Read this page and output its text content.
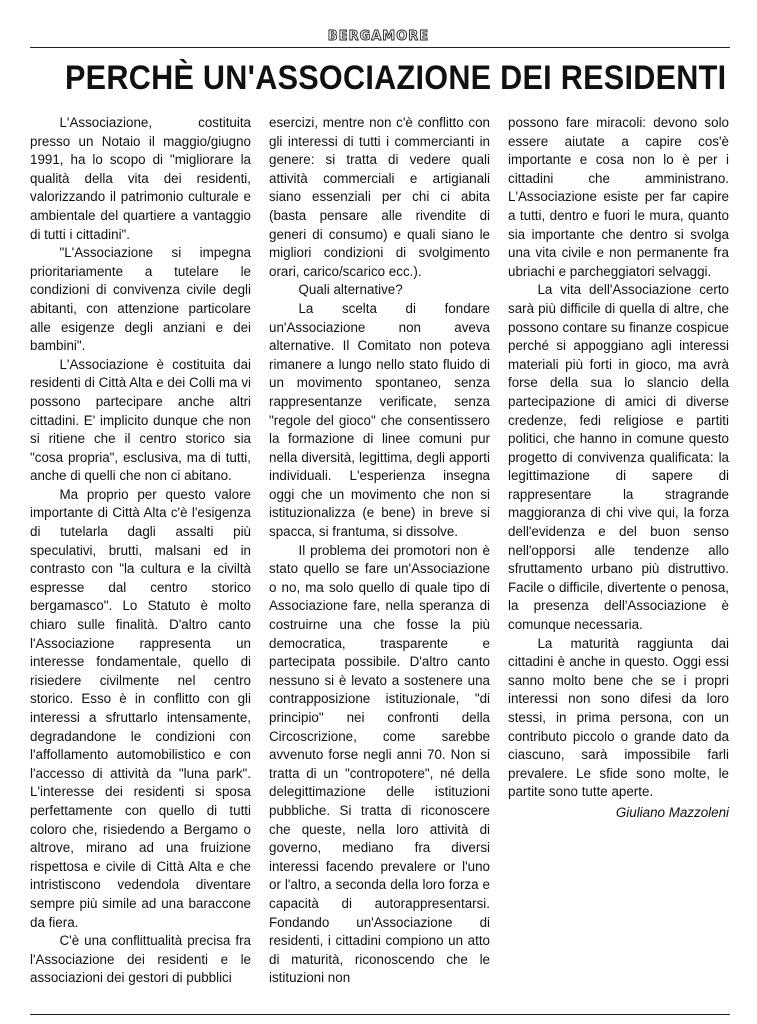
BERGAMORE
PERCHÈ UN'ASSOCIAZIONE DEI RESIDENTI

L'Associazione, costituita presso un Notaio il maggio/giugno 1991, ha lo scopo di "migliorare la qualità della vita dei residenti, valorizzando il patrimonio culturale e ambientale del quartiere a vantaggio di tutti i cittadini".

"L'Associazione si impegna prioritariamente a tutelare le condizioni di convivenza civile degli abitanti, con attenzione particolare alle esigenze degli anziani e dei bambini".

L'Associazione è costituita dai residenti di Città Alta e dei Colli ma vi possono partecipare anche altri cittadini. E' implicito dunque che non si ritiene che il centro storico sia "cosa propria", esclusiva, ma di tutti, anche di quelli che non ci abitano.

Ma proprio per questo valore importante di Città Alta c'è l'esigenza di tutelarla dagli assalti più speculativi, brutti, malsani ed in contrasto con "la cultura e la civiltà espresse dal centro storico bergamasco". Lo Statuto è molto chiaro sulle finalità. D'altro canto l'Associazione rappresenta un interesse fondamentale, quello di risiedere civilmente nel centro storico. Esso è in conflitto con gli interessi a sfruttarlo intensamente, degradandone le condizioni con l'affollamento automobilistico e con l'accesso di attività da "luna park". L'interesse dei residenti si sposa perfettamente con quello di tutti coloro che, risiedendo a Bergamo o altrove, mirano ad una fruizione rispettosa e civile di Città Alta e che intristiscono vedendola diventare sempre più simile ad una baraccone da fiera.

C'è una conflittualità precisa fra l'Associazione dei residenti e le associazioni dei gestori di pubblici

esercizi, mentre non c'è conflitto con gli interessi di tutti i commercianti in genere: si tratta di vedere quali attività commerciali e artigianali siano essenziali per chi ci abita (basta pensare alle rivendite di generi di consumo) e quali siano le migliori condizioni di svolgimento orari, carico/scarico ecc.).

Quali alternative?

La scelta di fondare un'Associazione non aveva alternative. Il Comitato non poteva rimanere a lungo nello stato fluido di un movimento spontaneo, senza rappresentanze verificate, senza "regole del gioco" che consentissero la formazione di linee comuni pur nella diversità, legittima, degli apporti individuali. L'esperienza insegna oggi che un movimento che non si istituzionalizza (e bene) in breve si spacca, si frantuma, si dissolve.

Il problema dei promotori non è stato quello se fare un'Associazione o no, ma solo quello di quale tipo di Associazione fare, nella speranza di costruirne una che fosse la più democratica, trasparente e partecipata possibile. D'altro canto nessuno si è levato a sostenere una contrapposizione istituzionale, "di principio" nei confronti della Circoscrizione, come sarebbe avvenuto forse negli anni 70. Non si tratta di un "contropotere", né della delegittimazione delle istituzioni pubbliche. Si tratta di riconoscere che queste, nella loro attività di governo, mediano fra diversi interessi facendo prevalere or l'uno or l'altro, a seconda della loro forza e capacità di autorappresentarsi. Fondando un'Associazione di residenti, i cittadini compiono un atto di maturità, riconoscendo che le istituzioni non

possono fare miracoli: devono solo essere aiutate a capire cos'è importante e cosa non lo è per i cittadini che amministrano. L'Associazione esiste per far capire a tutti, dentro e fuori le mura, quanto sia importante che dentro si svolga una vita civile e non permanente fra ubriachi e parcheggiatori selvaggi.

La vita dell'Associazione certo sarà più difficile di quella di altre, che possono contare su finanze cospicue perché si appoggiano agli interessi materiali più forti in gioco, ma avrà forse della sua lo slancio della partecipazione di amici di diverse credenze, fedi religiose e partiti politici, che hanno in comune questo progetto di convivenza qualificata: la legittimazione di sapere di rappresentare la stragrande maggioranza di chi vive qui, la forza dell'evidenza e del buon senso nell'opporsi alle tendenze allo sfruttamento urbano più distruttivo. Facile o difficile, divertente o penosa, la presenza dell'Associazione è comunque necessaria.

La maturità raggiunta dai cittadini è anche in questo. Oggi essi sanno molto bene che se i propri interessi non sono difesi da loro stessi, in prima persona, con un contributo piccolo o grande dato da ciascuno, sarà impossibile farli prevalere. Le sfide sono molte, le partite sono tutte aperte.

Giuliano Mazzoleni
